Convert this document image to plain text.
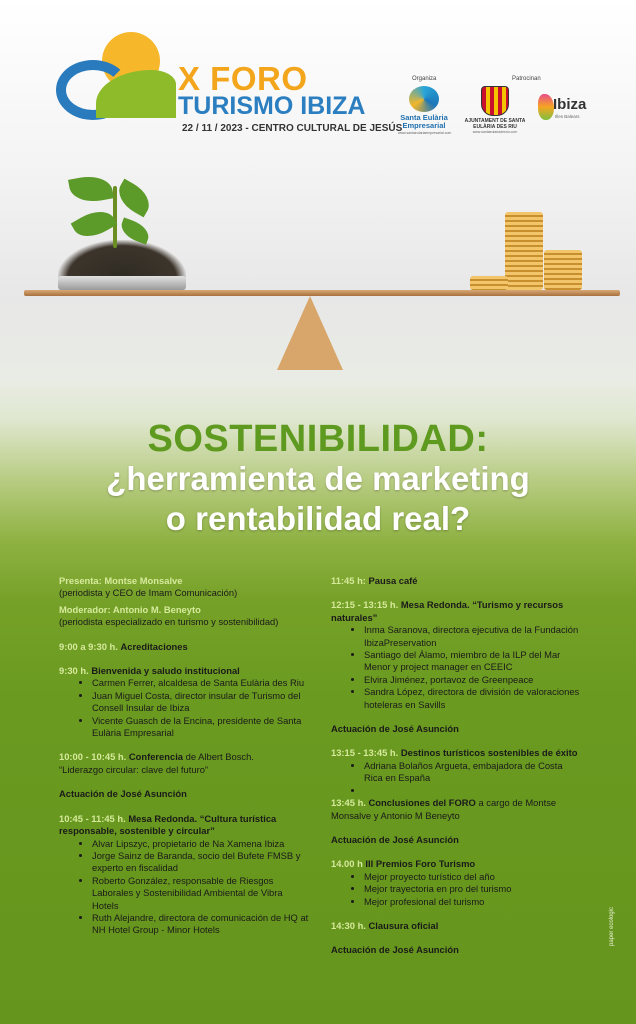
X FORO
TURISMO IBIZA
22 / 11 / 2023 - CENTRO CULTURAL DE JESÚS
Organiza	Patrocinan
Santa Eulària Empresarial
www.santaeulariaempresarial.com
AJUNTAMENT DE SANTA EULÀRIA DES RIU
www.santaeulariadesriu.com
Ibiza
Illes Balears
SOSTENIBILIDAD:
¿herramienta de marketing
o rentabilidad real?

Presenta: Montse Monsalve

(periodista y CEO de Imam Comunicación)

Moderador: Antonio M. Beneyto

(periodista especializado en turismo y sostenibilidad)

9:00 a 9:30 h. Acreditaciones

9:30 h. Bienvenida y saludo institucional

• Carmen Ferrer, alcaldesa de Santa Eulària des Riu
• Juan Miguel Costa, director insular de Turismo del Consell Insular de Ibiza
• Vicente Guasch de la Encina, presidente de Santa Eulària Empresarial

10:00 - 10:45 h. Conferencia de Albert Bosch.

“Liderazgo circular: clave del futuro”

Actuación de José Asunción

10:45 - 11:45 h. Mesa Redonda. “Cultura turística responsable, sostenible y circular”

• Alvar Lipszyc, propietario de Na Xamena Ibiza
• Jorge Sainz de Baranda, socio del Bufete FMSB y experto en fiscalidad
• Roberto González, responsable de Riesgos Laborales y Sostenibilidad Ambiental de Vibra Hotels
• Ruth Alejandre, directora de comunicación de HQ at NH Hotel Group - Minor Hotels

11:45 h: Pausa café

12:15 - 13:15 h. Mesa Redonda. “Turismo y recursos naturales”

• Inma Saranova, directora ejecutiva de la Fundación IbizaPreservation
• Santiago del Álamo, miembro de la ILP del Mar Menor y project manager en CEEIC
• Elvira Jiménez, portavoz de Greenpeace
• Sandra López, directora de división de valoraciones hoteleras en Savills

Actuación de José Asunción

13:15 - 13:45 h. Destinos turísticos sostenibles de éxito

• Adriana Bolaños Argueta, embajadora de Costa Rica en España
•

13:45 h. Conclusiones del FORO a cargo de Montse Monsalve y Antonio M Beneyto

Actuación de José Asunción

14.00 h III Premios Foro Turismo

• Mejor proyecto turístico del año
• Mejor trayectoria en pro del turismo
• Mejor profesional del turismo

14:30 h. Clausura oficial

Actuación de José Asunción

paper ecologic
